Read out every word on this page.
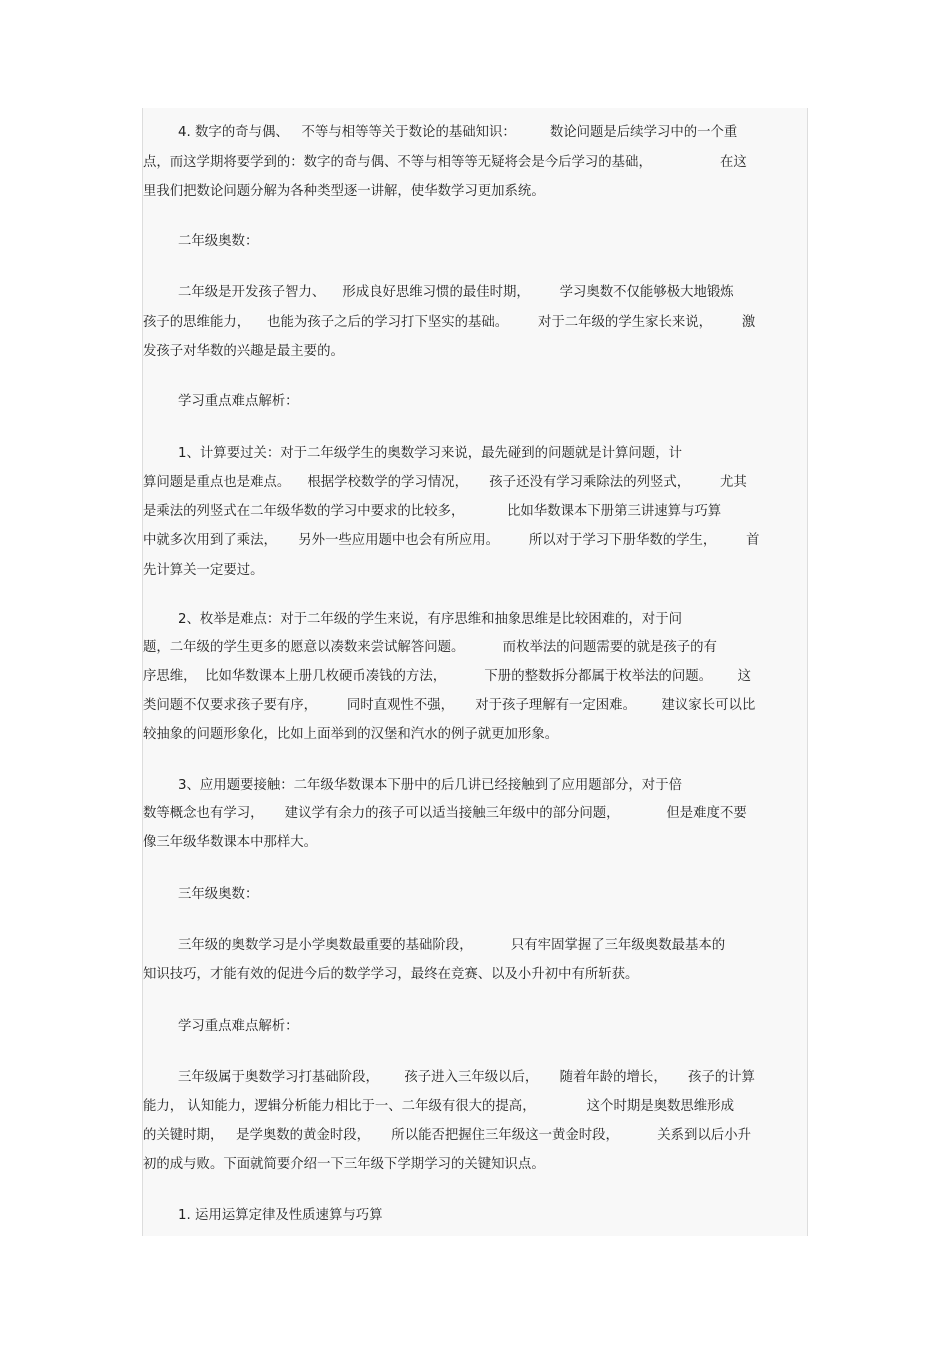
4. 数字的奇与偶、   不等与相等等关于数论的基础知识：        数论问题是后续学习中的一个重
点，而这学期将要学到的：数字的奇与偶、不等与相等等无疑将会是今后学习的基础，                在这
里我们把数论问题分解为各种类型逐一讲解，使华数学习更加系统。
二年级奥数：
二年级是开发孩子智力、    形成良好思维习惯的最佳时期，       学习奥数不仅能够极大地锻炼
孩子的思维能力，    也能为孩子之后的学习打下坚实的基础。       对于二年级的学生家长来说，       激
发孩子对华数的兴趣是最主要的。
学习重点难点解析：
1、计算要过关：对于二年级学生的奥数学习来说，最先碰到的问题就是计算问题，计
算问题是重点也是难点。    根据学校数学的学习情况，     孩子还没有学习乘除法的列竖式，       尤其
是乘法的列竖式在二年级华数的学习中要求的比较多，          比如华数课本下册第三讲速算与巧算
中就多次用到了乘法，     另外一些应用题中也会有所应用。       所以对于学习下册华数的学生，       首
先计算关一定要过。
2、枚举是难点：对于二年级的学生来说，有序思维和抽象思维是比较困难的，对于问
题，二年级的学生更多的愿意以凑数来尝试解答问题。         而枚举法的问题需要的就是孩子的有
序思维，  比如华数课本上册几枚硬币凑钱的方法，         下册的整数拆分都属于枚举法的问题。      这
类问题不仅要求孩子要有序，       同时直观性不强，     对于孩子理解有一定困难。      建议家长可以比
较抽象的问题形象化，比如上面举到的汉堡和汽水的例子就更加形象。
3、应用题要接触：二年级华数课本下册中的后几讲已经接触到了应用题部分，对于倍
数等概念也有学习，     建议学有余力的孩子可以适当接触三年级中的部分问题，           但是难度不要
像三年级华数课本中那样大。
三年级奥数：
三年级的奥数学习是小学奥数最重要的基础阶段，         只有牢固掌握了三年级奥数最基本的
知识技巧，才能有效的促进今后的数学学习，最终在竞赛、以及小升初中有所斩获。
学习重点难点解析：
三年级属于奥数学习打基础阶段，      孩子进入三年级以后，     随着年龄的增长，     孩子的计算
能力， 认知能力，逻辑分析能力相比于一、二年级有很大的提高，            这个时期是奥数思维形成
的关键时期，   是学奥数的黄金时段，     所以能否把握住三年级这一黄金时段，         关系到以后小升
初的成与败。下面就简要介绍一下三年级下学期学习的关键知识点。
1. 运用运算定律及性质速算与巧算
